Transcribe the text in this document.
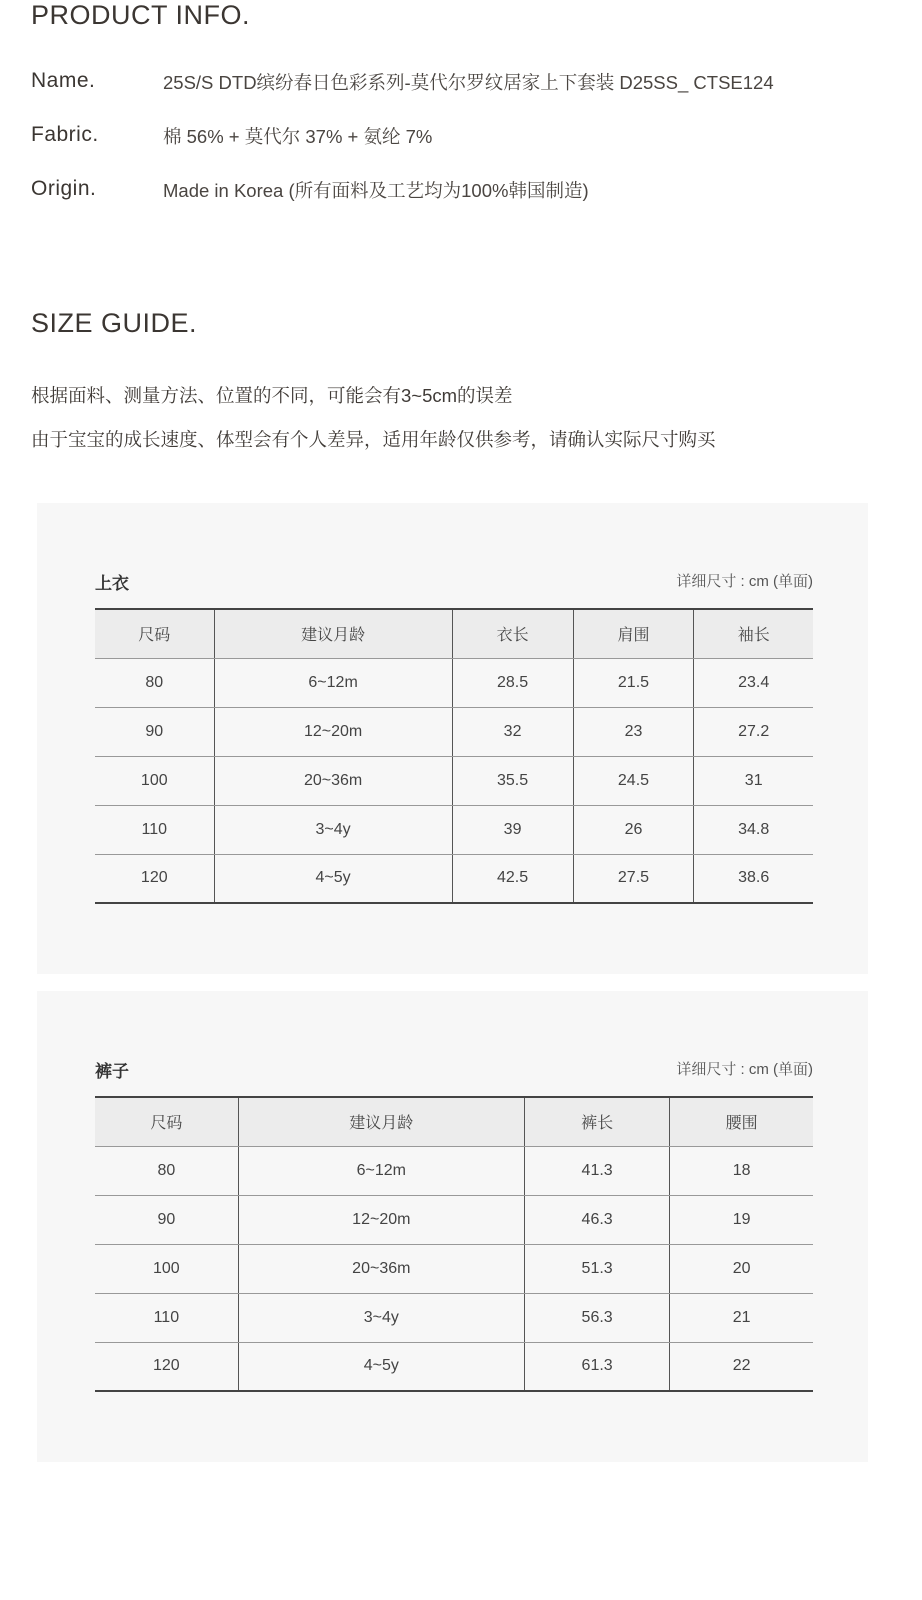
PRODUCT INFO.
Name.	25S/S DTD缤纷春日色彩系列-莫代尔罗纹居家上下套装 D25SS_ CTSE124
Fabric.	棉 56% + 莫代尔 37% + 氨纶 7%
Origin.	Made in Korea (所有面料及工艺均为100%韩国制造)
SIZE GUIDE.
根据面料、测量方法、位置的不同，可能会有3~5cm的误差
由于宝宝的成长速度、体型会有个人差异，适用年龄仅供参考，请确认实际尺寸购买
上衣	详细尺寸 : cm (单面)
尺码	建议月龄	衣长	肩围	袖长
80	6~12m	28.5	21.5	23.4
90	12~20m	32	23	27.2
100	20~36m	35.5	24.5	31
110	3~4y	39	26	34.8
120	4~5y	42.5	27.5	38.6
裤子	详细尺寸 : cm (单面)
尺码	建议月龄	裤长	腰围
80	6~12m	41.3	18
90	12~20m	46.3	19
100	20~36m	51.3	20
110	3~4y	56.3	21
120	4~5y	61.3	22
